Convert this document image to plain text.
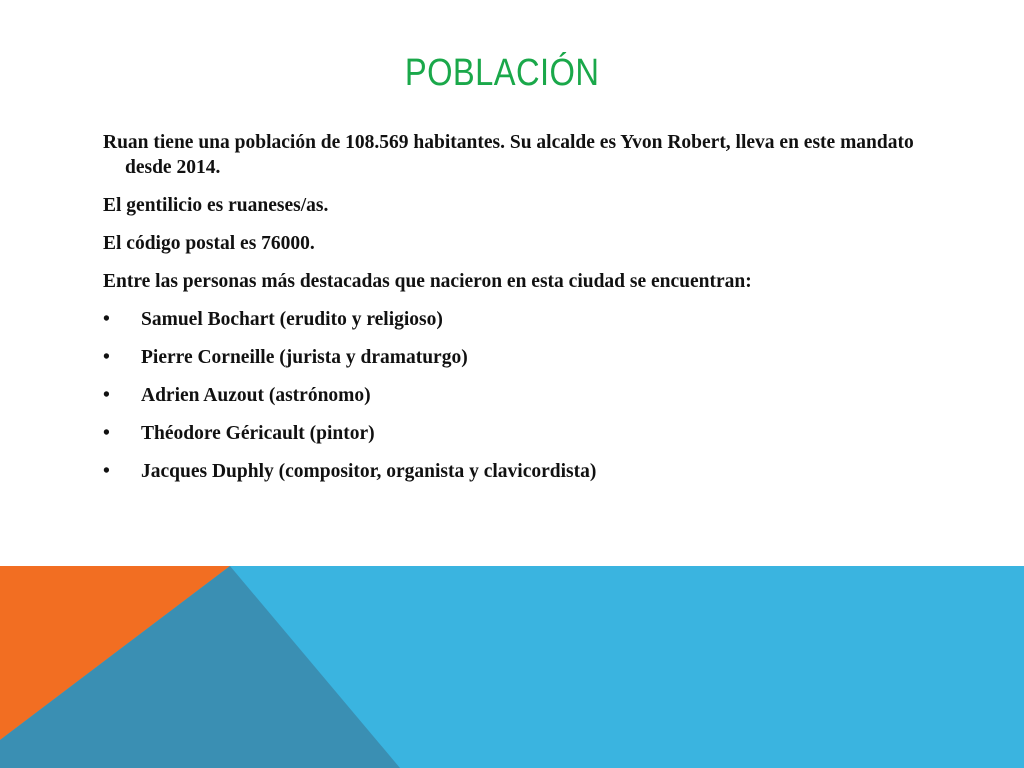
POBLACIÓN

Ruan tiene una población de 108.569 habitantes. Su alcalde es Yvon Robert, lleva en este mandato desde 2014.

El gentilicio es ruaneses/as.

El código postal es 76000.

Entre las personas más destacadas que nacieron en esta ciudad se encuentran:

• Samuel Bochart (erudito y religioso)
• Pierre Corneille (jurista y dramaturgo)
• Adrien Auzout (astrónomo)
• Théodore Géricault (pintor)
• Jacques Duphly (compositor, organista y clavicordista)
